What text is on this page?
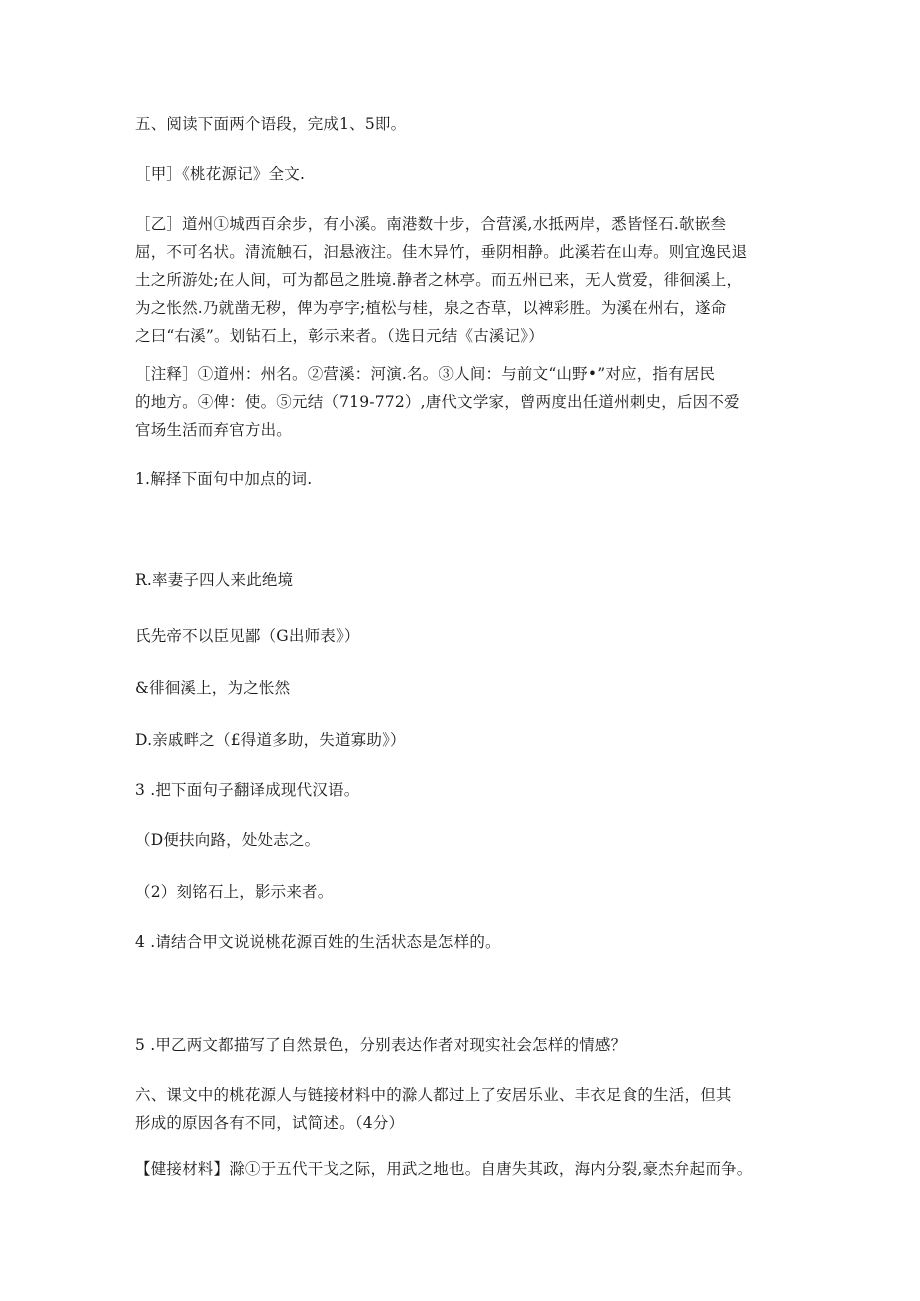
五、阅读下面两个语段，完成1、5即。
［甲］《桃花源记》全文.
［乙］道州①城西百余步，有小溪。南港数十步，合营溪,水抵两岸，悉皆怪石.欹嵌叁
屈，不可名状。清流触石，汩悬液注。佳木异竹，垂阴相静。此溪若在山寿。则宜逸民退
土之所游处;在人间，可为都邑之胜境.静者之林亭。而五州已来，无人赏爱，徘徊溪上，
为之怅然.乃就凿无秽，俾为亭字;植松与桂，泉之杏草，以裨彩胜。为溪在州右，遂命
之曰“右溪”。划钻石上，彰示来者。（选日元结《古溪记》）
［注释］①道州：州名。②营溪：河演.名。③人间：与前文“山野•”对应，指有居民
的地方。④俾：使。⑤元结（719-772）,唐代文学家，曾两度出任道州刺史，后因不爱
官场生活而弃官方出。
1.解择下面句中加点的词.
R.率妻子四人来此绝境
氏先帝不以臣见鄙（G出师表》）
&徘徊溪上，为之怅然
D.亲戚畔之（£得道多助，失道寡助》）
3 .把下面句子翻译成现代汉语。
（D便扶向路，处处志之。
（2）刻铭石上，影示来者。
4 .请结合甲文说说桃花源百姓的生活状态是怎样的。
5 .甲乙两文都描写了自然景色，分别表达作者对现实社会怎样的情感？
六、课文中的桃花源人与链接材料中的滁人都过上了安居乐业、丰衣足食的生活，但其
形成的原因各有不同，试简述。（4分）
【健接材料】滁①于五代干戈之际，用武之地也。自唐失其政，海内分裂,豪杰弁起而争。
